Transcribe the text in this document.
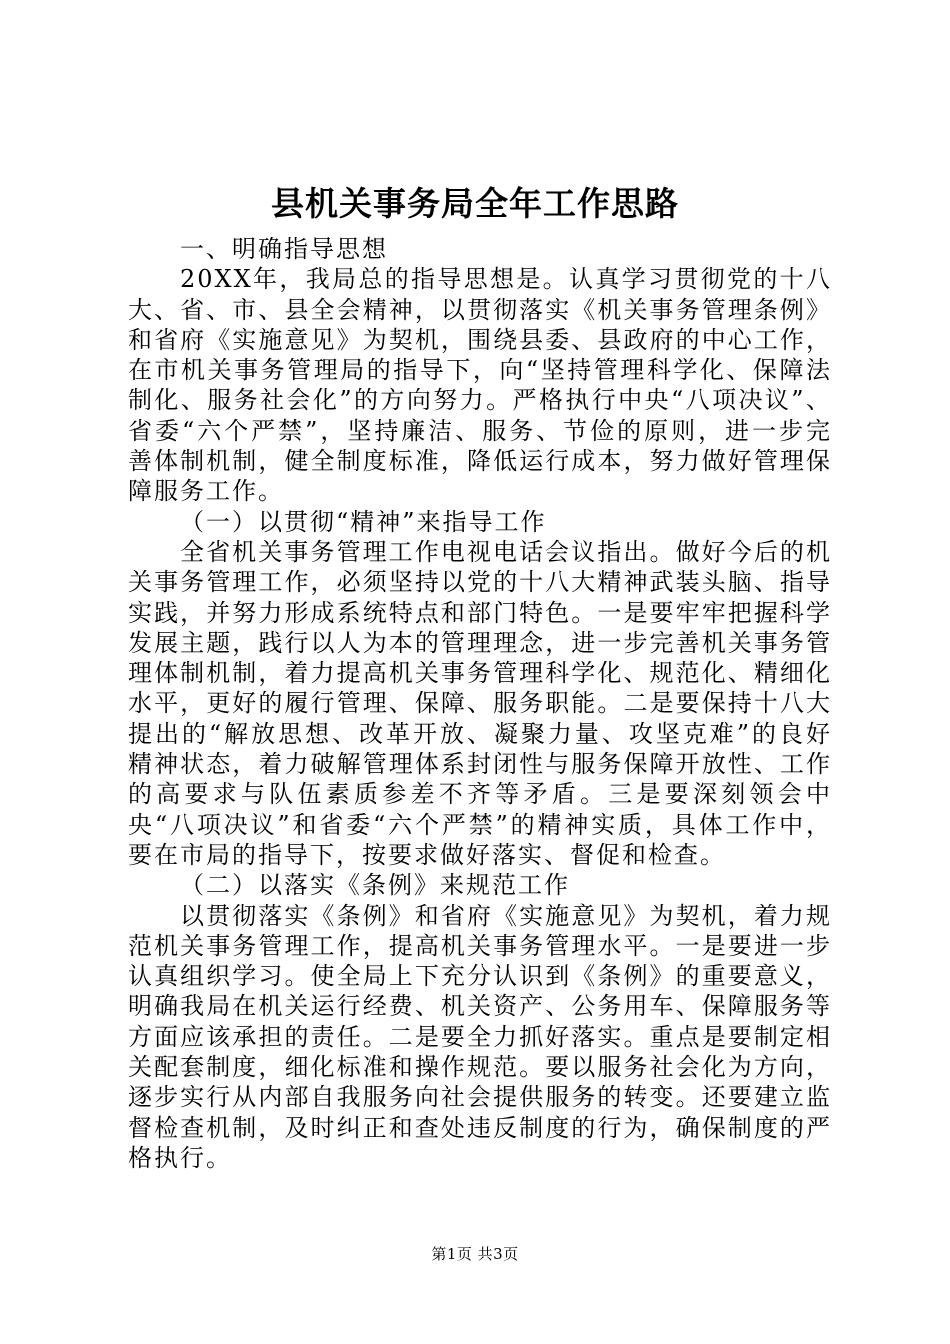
县机关事务局全年工作思路

一、明确指导思想

20XX年，我局总的指导思想是。认真学习贯彻党的十八大、省、市、县全会精神，以贯彻落实《机关事务管理条例》和省府《实施意见》为契机，围绕县委、县政府的中心工作，在市机关事务管理局的指导下，向“坚持管理科学化、保障法制化、服务社会化”的方向努力。严格执行中央“八项决议”、省委“六个严禁”，坚持廉洁、服务、节俭的原则，进一步完善体制机制，健全制度标准，降低运行成本，努力做好管理保障服务工作。

（一）以贯彻“精神”来指导工作

全省机关事务管理工作电视电话会议指出。做好今后的机关事务管理工作，必须坚持以党的十八大精神武装头脑、指导实践，并努力形成系统特点和部门特色。一是要牢牢把握科学发展主题，践行以人为本的管理理念，进一步完善机关事务管理体制机制，着力提高机关事务管理科学化、规范化、精细化水平，更好的履行管理、保障、服务职能。二是要保持十八大提出的“解放思想、改革开放、凝聚力量、攻坚克难”的良好精神状态，着力破解管理体系封闭性与服务保障开放性、工作的高要求与队伍素质参差不齐等矛盾。三是要深刻领会中央“八项决议”和省委“六个严禁”的精神实质，具体工作中，要在市局的指导下，按要求做好落实、督促和检查。

（二）以落实《条例》来规范工作

以贯彻落实《条例》和省府《实施意见》为契机，着力规范机关事务管理工作，提高机关事务管理水平。一是要进一步认真组织学习。使全局上下充分认识到《条例》的重要意义，明确我局在机关运行经费、机关资产、公务用车、保障服务等方面应该承担的责任。二是要全力抓好落实。重点是要制定相关配套制度，细化标准和操作规范。要以服务社会化为方向，逐步实行从内部自我服务向社会提供服务的转变。还要建立监督检查机制，及时纠正和查处违反制度的行为，确保制度的严格执行。

第1页 共3页
